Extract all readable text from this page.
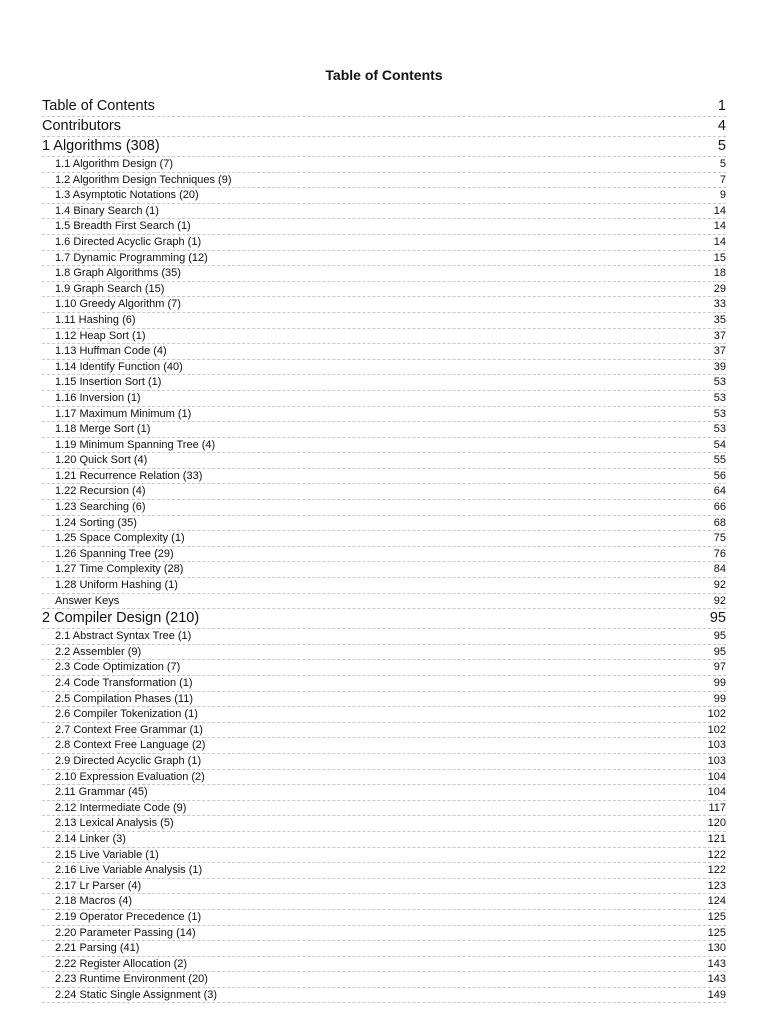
Table of Contents
Table of Contents	1
Contributors	4
1 Algorithms (308)	5
1.1 Algorithm Design (7)	5
1.2 Algorithm Design Techniques (9)	7
1.3 Asymptotic Notations (20)	9
1.4 Binary Search (1)	14
1.5 Breadth First Search (1)	14
1.6 Directed Acyclic Graph (1)	14
1.7 Dynamic Programming (12)	15
1.8 Graph Algorithms (35)	18
1.9 Graph Search (15)	29
1.10 Greedy Algorithm (7)	33
1.11 Hashing (6)	35
1.12 Heap Sort (1)	37
1.13 Huffman Code (4)	37
1.14 Identify Function (40)	39
1.15 Insertion Sort (1)	53
1.16 Inversion (1)	53
1.17 Maximum Minimum (1)	53
1.18 Merge Sort (1)	53
1.19 Minimum Spanning Tree (4)	54
1.20 Quick Sort (4)	55
1.21 Recurrence Relation (33)	56
1.22 Recursion (4)	64
1.23 Searching (6)	66
1.24 Sorting (35)	68
1.25 Space Complexity (1)	75
1.26 Spanning Tree (29)	76
1.27 Time Complexity (28)	84
1.28 Uniform Hashing (1)	92
Answer Keys	92
2 Compiler Design (210)	95
2.1 Abstract Syntax Tree (1)	95
2.2 Assembler (9)	95
2.3 Code Optimization (7)	97
2.4 Code Transformation (1)	99
2.5 Compilation Phases (11)	99
2.6 Compiler Tokenization (1)	102
2.7 Context Free Grammar (1)	102
2.8 Context Free Language (2)	103
2.9 Directed Acyclic Graph (1)	103
2.10 Expression Evaluation (2)	104
2.11 Grammar (45)	104
2.12 Intermediate Code (9)	117
2.13 Lexical Analysis (5)	120
2.14 Linker (3)	121
2.15 Live Variable (1)	122
2.16 Live Variable Analysis (1)	122
2.17 Lr Parser (4)	123
2.18 Macros (4)	124
2.19 Operator Precedence (1)	125
2.20 Parameter Passing (14)	125
2.21 Parsing (41)	130
2.22 Register Allocation (2)	143
2.23 Runtime Environment (20)	143
2.24 Static Single Assignment (3)	149
